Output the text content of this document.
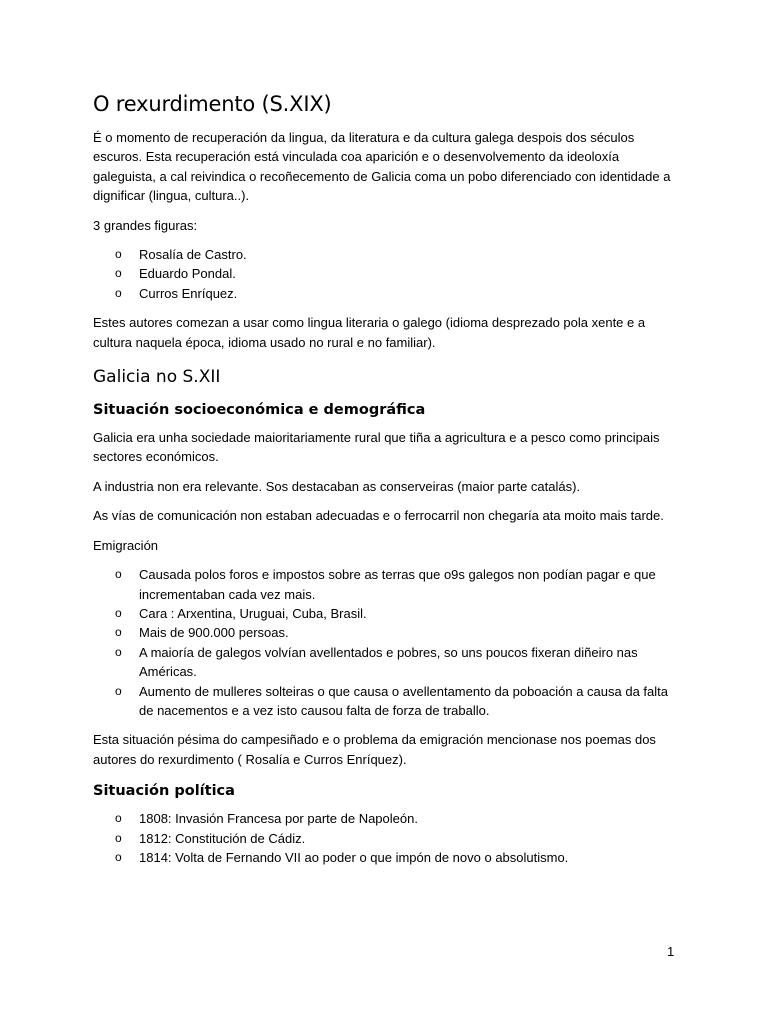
O rexurdimento (S.XIX)

É o momento de recuperación da lingua, da literatura e da cultura galega despois dos séculos escuros. Esta recuperación está vinculada coa aparición e o desenvolvemento da ideoloxía galeguista, a cal reivindica o recoñecemento de Galicia coma un pobo diferenciado con identidade a dignificar (lingua, cultura..).

3 grandes figuras:

o Rosalía de Castro.
o Eduardo Pondal.
o Curros Enríquez.

Estes autores comezan a usar como lingua literaria o galego (idioma desprezado pola xente e a cultura naquela época, idioma usado no rural e no familiar).

Galicia no S.XII
Situación socioeconómica e demográfica

Galicia era unha sociedade maioritariamente rural que tiña a agricultura e a pesco como principais sectores económicos.

A industria non era relevante. Sos destacaban as conserveiras (maior parte catalás).

As vías de comunicación non estaban adecuadas e o ferrocarril non chegaría ata moito mais tarde.

Emigración

o Causada polos foros e impostos sobre as terras que o9s galegos non podían pagar e que incrementaban cada vez mais.
o Cara : Arxentina, Uruguai, Cuba, Brasil.
o Mais de 900.000 persoas.
o A maioría de galegos volvían avellentados e pobres, so uns poucos fixeran diñeiro nas Américas.
o Aumento de mulleres solteiras o que causa o avellentamento da poboación a causa da falta de nacementos e a vez isto causou falta de forza de traballo.

Esta situación pésima do campesiñado e o problema da emigración mencionase nos poemas dos autores do rexurdimento ( Rosalía e Curros Enríquez).

Situación política
o 1808: Invasión Francesa por parte de Napoleón.
o 1812: Constitución de Cádiz.
o 1814: Volta de Fernando VII ao poder o que impón de novo o absolutismo.
1
